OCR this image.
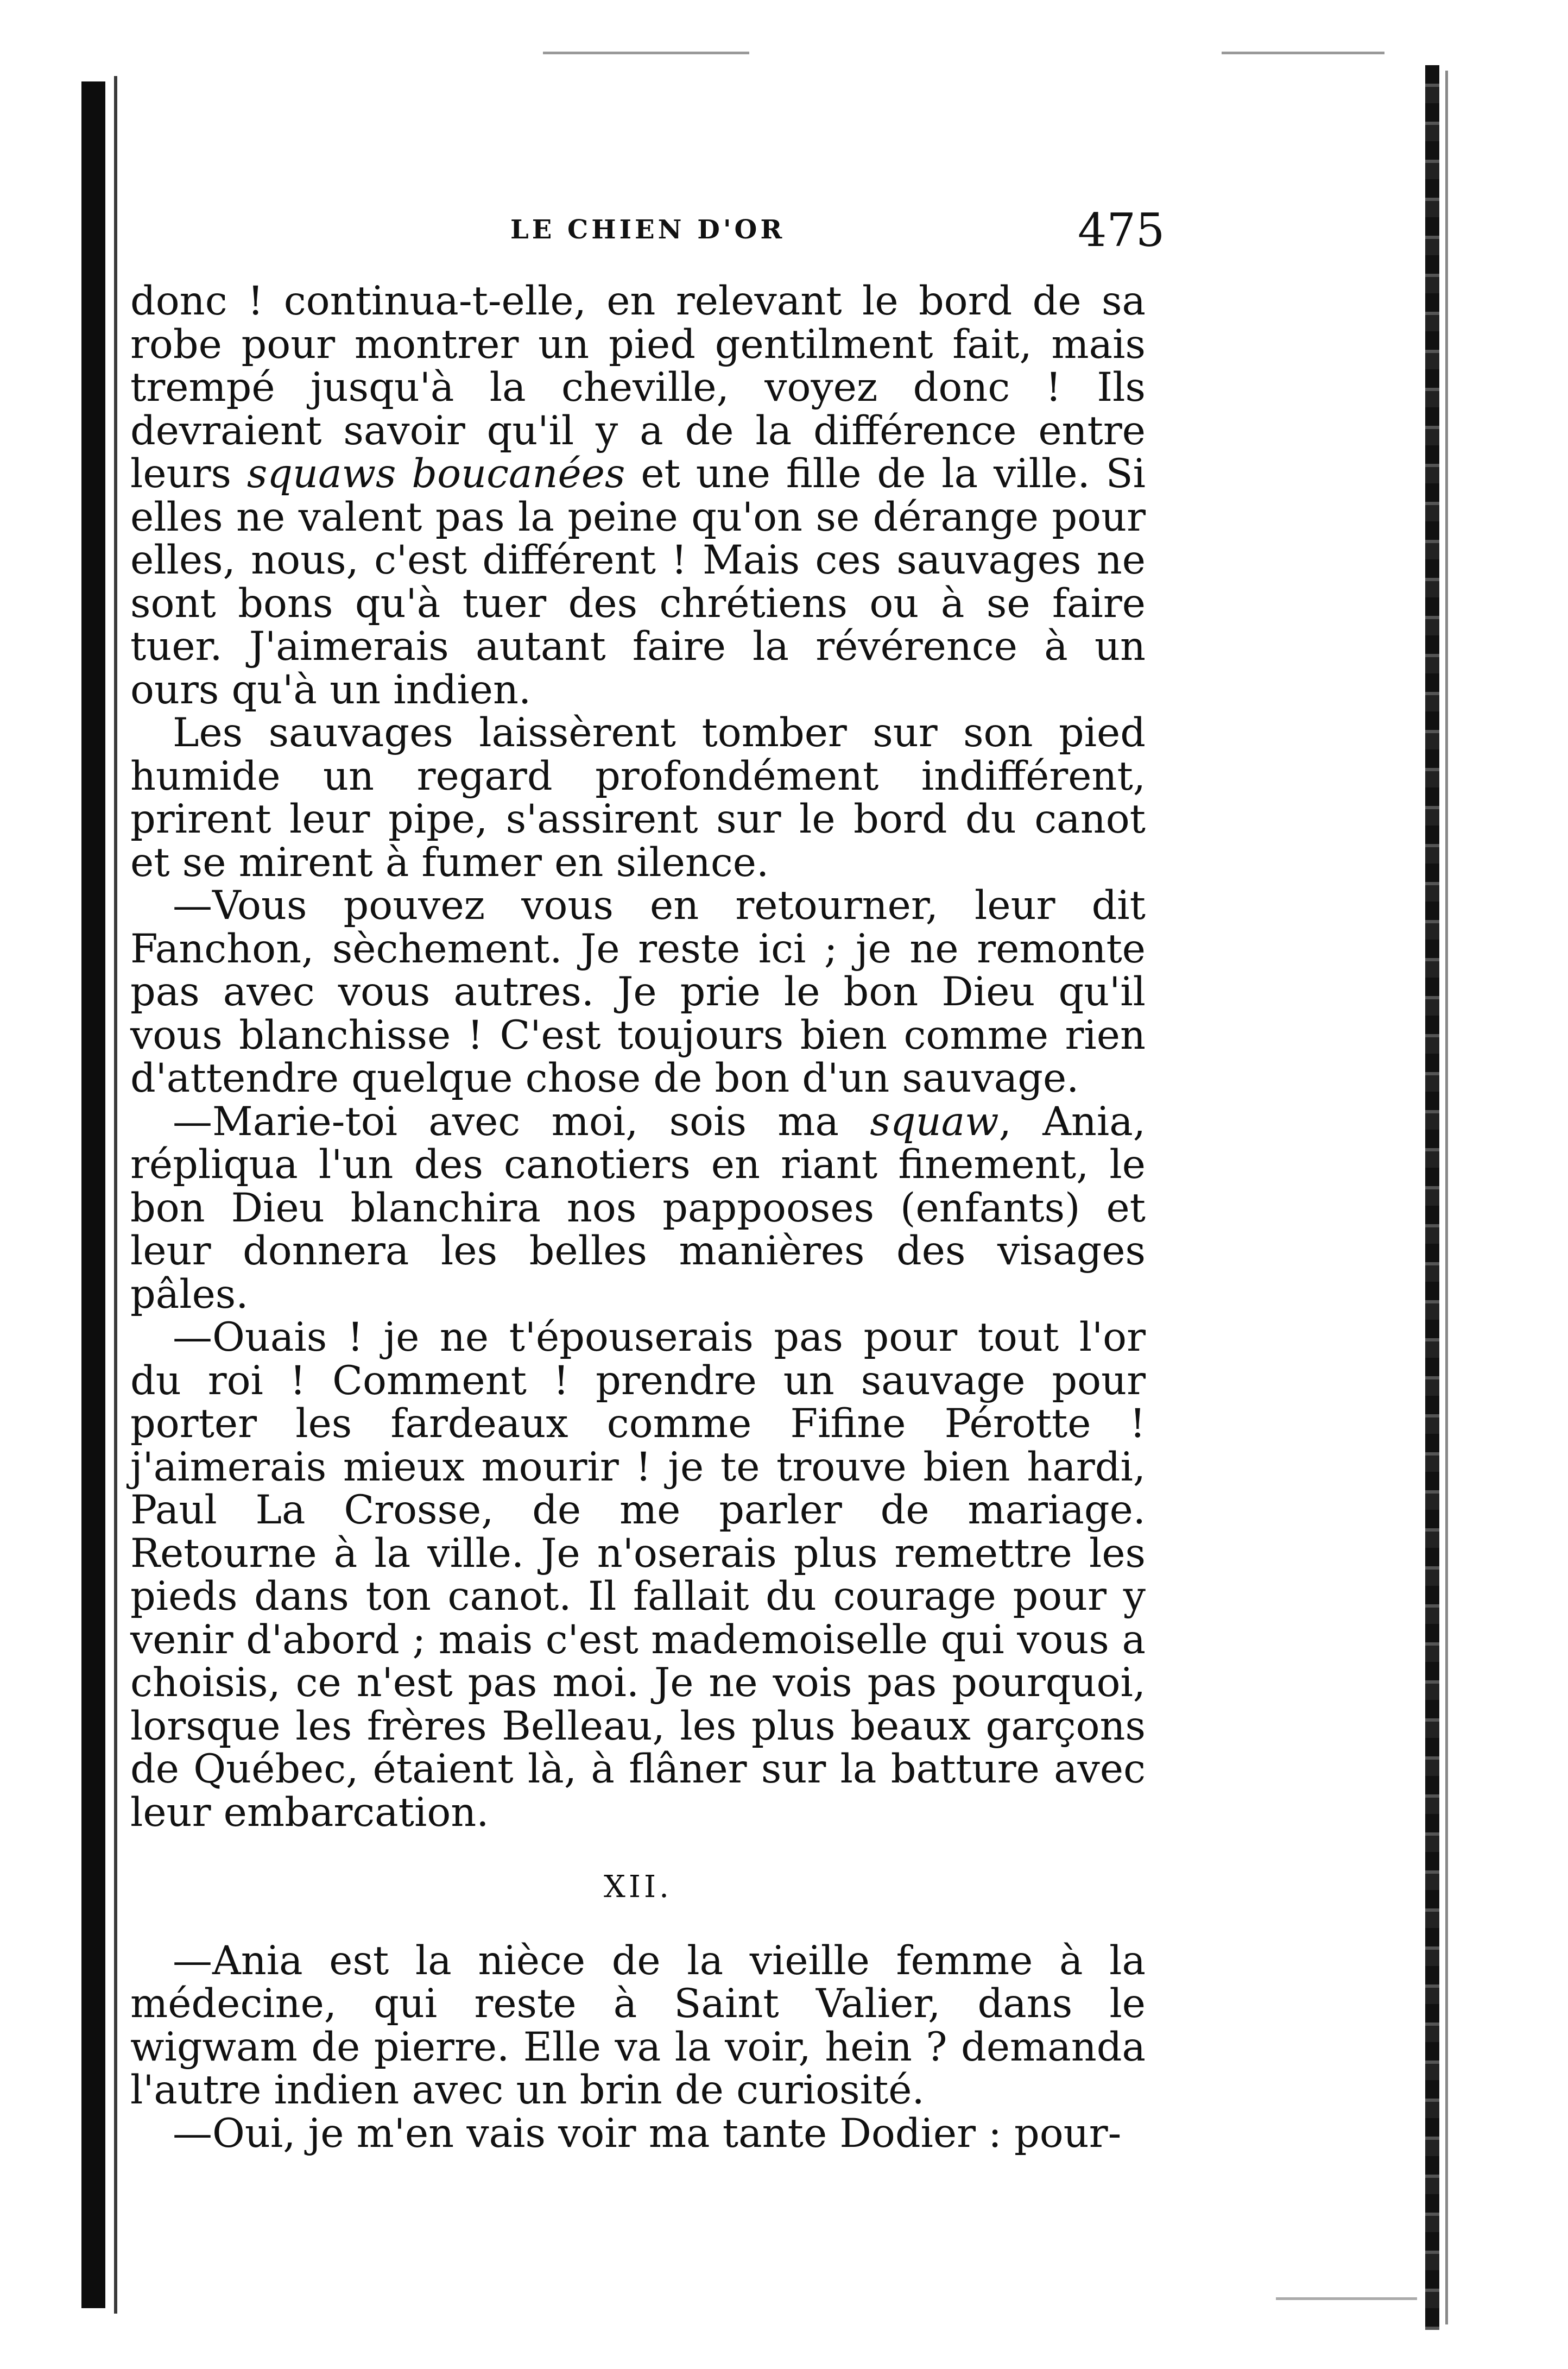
LE CHIEN D'OR	475

donc ! continua-t-elle, en relevant le bord de sa robe pour montrer un pied gentilment fait, mais trempé jusqu'à la cheville, voyez donc ! Ils devraient savoir qu'il y a de la différence entre leurs squaws boucanées et une fille de la ville. Si elles ne valent pas la peine qu'on se dérange pour elles, nous, c'est différent ! Mais ces sauvages ne sont bons qu'à tuer des chrétiens ou à se faire tuer. J'aimerais autant faire la révérence à un ours qu'à un indien.

Les sauvages laissèrent tomber sur son pied humide un regard profondément indifférent, prirent leur pipe, s'assirent sur le bord du canot et se mirent à fumer en silence.

—Vous pouvez vous en retourner, leur dit Fanchon, sèchement. Je reste ici ; je ne remonte pas avec vous autres. Je prie le bon Dieu qu'il vous blanchisse ! C'est toujours bien comme rien d'attendre quelque chose de bon d'un sauvage.

—Marie-toi avec moi, sois ma squaw, Ania, répliqua l'un des canotiers en riant finement, le bon Dieu blanchira nos pappooses (enfants) et leur donnera les belles manières des visages pâles.

—Ouais ! je ne t'épouserais pas pour tout l'or du roi ! Comment ! prendre un sauvage pour porter les fardeaux comme Fifine Pérotte ! j'aimerais mieux mourir ! je te trouve bien hardi, Paul La Crosse, de me parler de mariage. Retourne à la ville. Je n'oserais plus remettre les pieds dans ton canot. Il fallait du courage pour y venir d'abord ; mais c'est mademoiselle qui vous a choisis, ce n'est pas moi. Je ne vois pas pourquoi, lorsque les frères Belleau, les plus beaux garçons de Québec, étaient là, à flâner sur la batture avec leur embarcation.

XII.

—Ania est la nièce de la vieille femme à la médecine, qui reste à Saint Valier, dans le wigwam de pierre. Elle va la voir, hein ? demanda l'autre indien avec un brin de curiosité.

—Oui, je m'en vais voir ma tante Dodier : pour-
